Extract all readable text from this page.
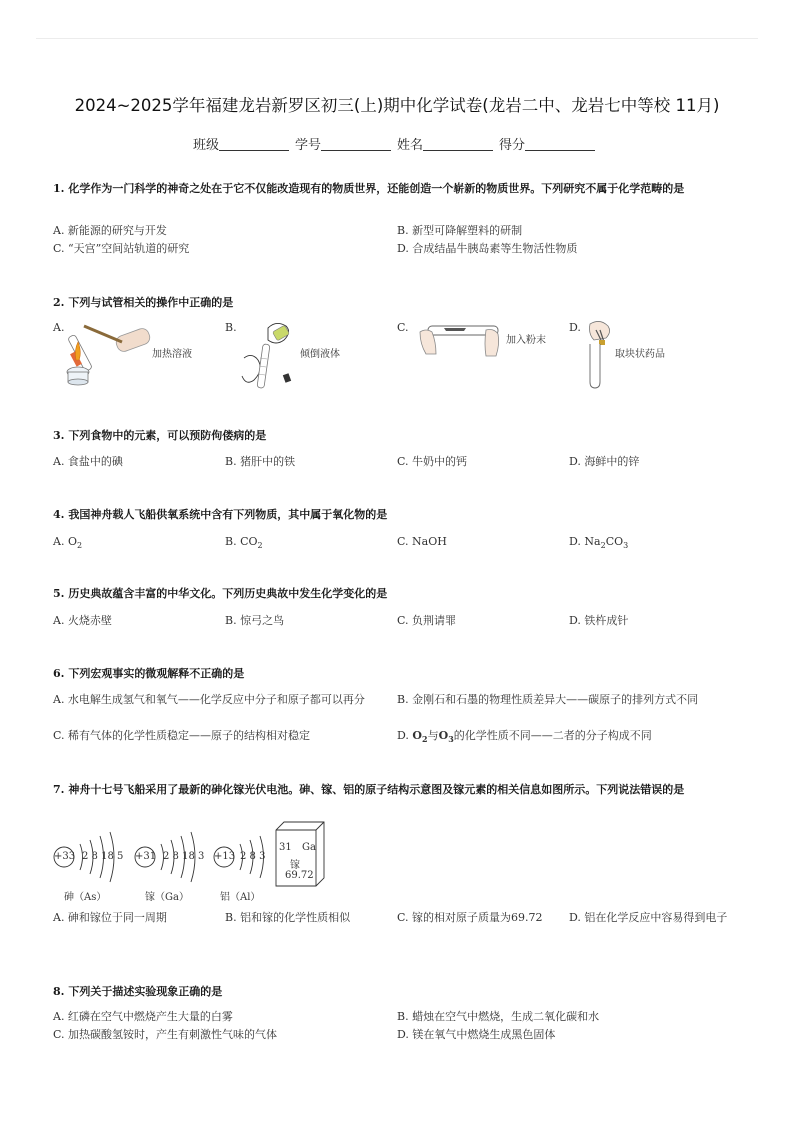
2024~2025学年福建龙岩新罗区初三(上)期中化学试卷(龙岩二中、龙岩七中等校 11月)
班级	学号	姓名	得分
1. 化学作为一门科学的神奇之处在于它不仅能改造现有的物质世界，还能创造一个崭新的物质世界。下列研究不属于化学范畴的是
A. 新能源的研究与开发	B. 新型可降解塑料的研制
C. “天宫”空间站轨道的研究	D. 合成结晶牛胰岛素等生物活性物质
2. 下列与试管相关的操作中正确的是
A.	B.	C.	D.
加热溶液	倾倒液体
加入粉末
取块状药品
3. 下列食物中的元素，可以预防佝偻病的是
A. 食盐中的碘	B. 猪肝中的铁	C. 牛奶中的钙	D. 海鲜中的锌
4. 我国神舟载人飞船供氧系统中含有下列物质，其中属于氧化物的是
A. $O_2$	B. $CO_2$	C. NaOH	D. $Na_2CO_3$
5. 历史典故蕴含丰富的中华文化。下列历史典故中发生化学变化的是
A. 火烧赤壁	B. 惊弓之鸟	C. 负荆请罪	D. 铁杵成针
6. 下列宏观事实的微观解释不正确的是
A. 水电解生成氢气和氧气——化学反应中分子和原子都可以再分	B. 金刚石和石墨的物理性质差异大——碳原子的排列方式不同
C. 稀有气体的化学性质稳定——原子的结构相对稳定	D. $O_2$与$O_3$的化学性质不同——二者的分子构成不同
7. 神舟十七号飞船采用了最新的砷化镓光伏电池。砷、镓、铝的原子结构示意图及镓元素的相关信息如图所示。下列说法错误的是
+33 2 8 18 5
砷（As）
+31 2 8 18 3
镓（Ga）
+13 2 8 3
铝（Al）
31 Ga
镓
69.72
A. 砷和镓位于同一周期	B. 铝和镓的化学性质相似	C. 镓的相对原子质量为69.72	D. 铝在化学反应中容易得到电子
8. 下列关于描述实验现象正确的是
A. 红磷在空气中燃烧产生大量的白雾	B. 蜡烛在空气中燃烧，生成二氧化碳和水
C. 加热碳酸氢铵时，产生有刺激性气味的气体	D. 镁在氧气中燃烧生成黑色固体
